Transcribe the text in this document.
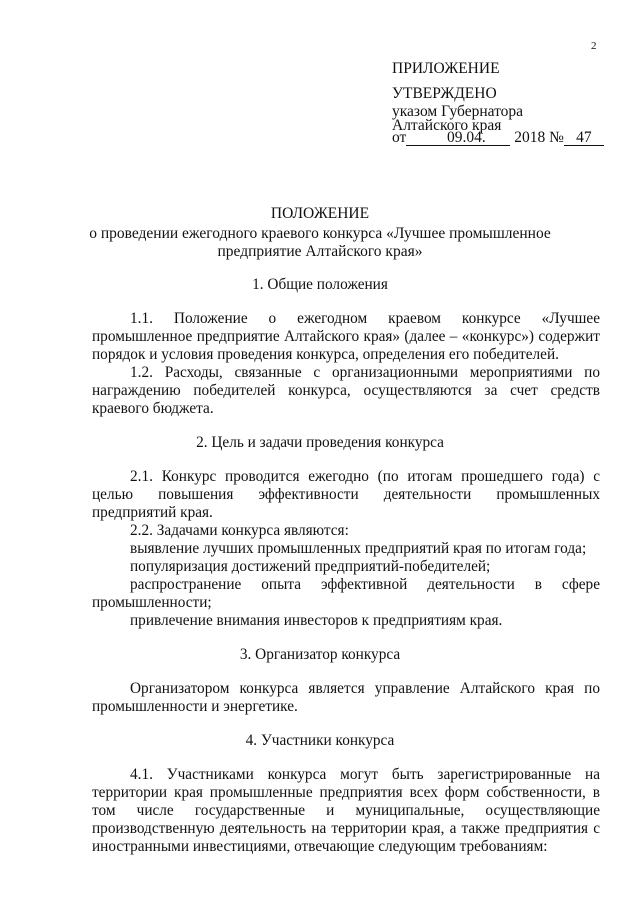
2
ПРИЛОЖЕНИЕ
УТВЕРЖДЕНО
указом Губернатора
Алтайского края
от	09.04. 2018 № 47
ПОЛОЖЕНИЕ
о проведении ежегодного краевого конкурса «Лучшее промышленное
предприятие Алтайского края»
1. Общие положения
1.1. Положение о ежегодном краевом конкурсе «Лучшее
промышленное предприятие Алтайского края» (далее – «конкурс») содержит
порядок и условия проведения конкурса, определения его победителей.
1.2. Расходы, связанные с организационными мероприятиями по
награждению победителей конкурса, осуществляются за счет средств
краевого бюджета.
2. Цель и задачи проведения конкурса
2.1. Конкурс проводится ежегодно (по итогам прошедшего года) с
целью повышения эффективности деятельности промышленных
предприятий края.
2.2. Задачами конкурса являются:
выявление лучших промышленных предприятий края по итогам года;
популяризация достижений предприятий-победителей;
распространение опыта эффективной деятельности в сфере
промышленности;
привлечение внимания инвесторов к предприятиям края.
3. Организатор конкурса
Организатором конкурса является управление Алтайского края по
промышленности и энергетике.
4. Участники конкурса
4.1. Участниками конкурса могут быть зарегистрированные на
территории края промышленные предприятия всех форм собственности, в
том числе государственные и муниципальные, осуществляющие
производственную деятельность на территории края, а также предприятия с
иностранными инвестициями, отвечающие следующим требованиям:
